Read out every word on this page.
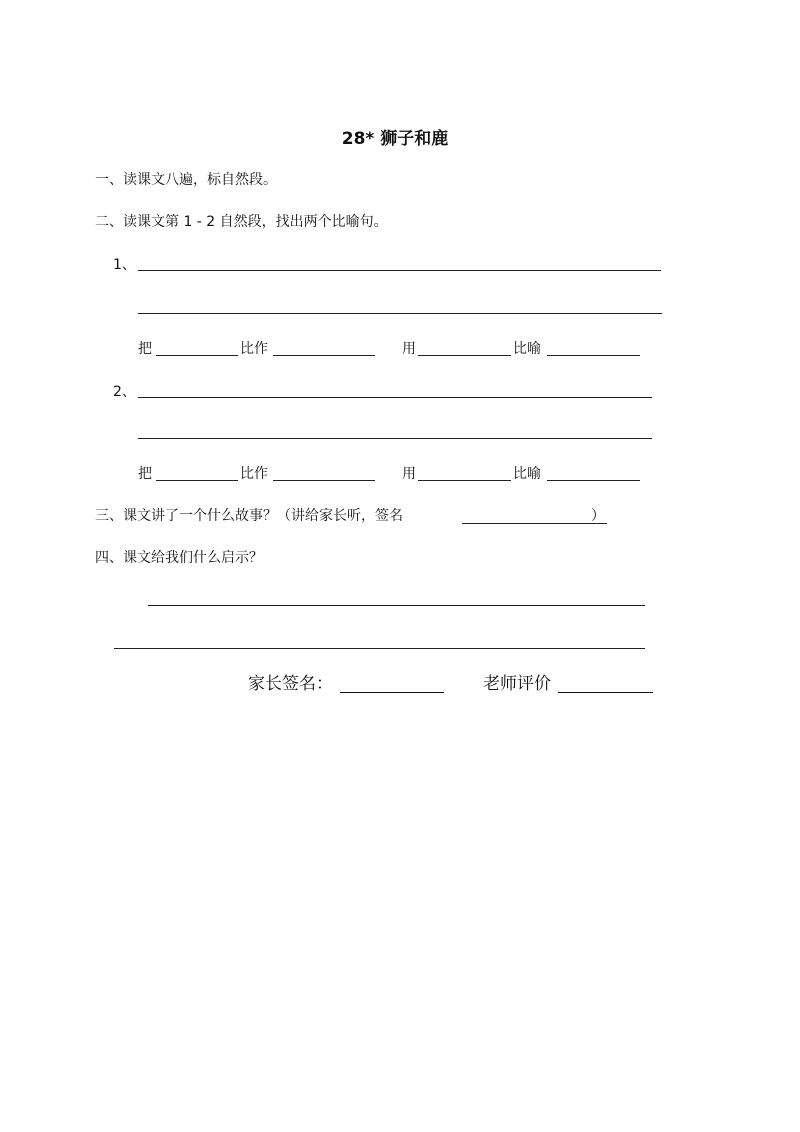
28* 狮子和鹿
一、读课文八遍，标自然段。
二、读课文第 1 - 2 自然段，找出两个比喻句。
1、
把	比作	用	比喻
2、
把	比作	用	比喻
三、课文讲了一个什么故事？（讲给家长听，签名	）
四、课文给我们什么启示？
家长签名：	老师评价
